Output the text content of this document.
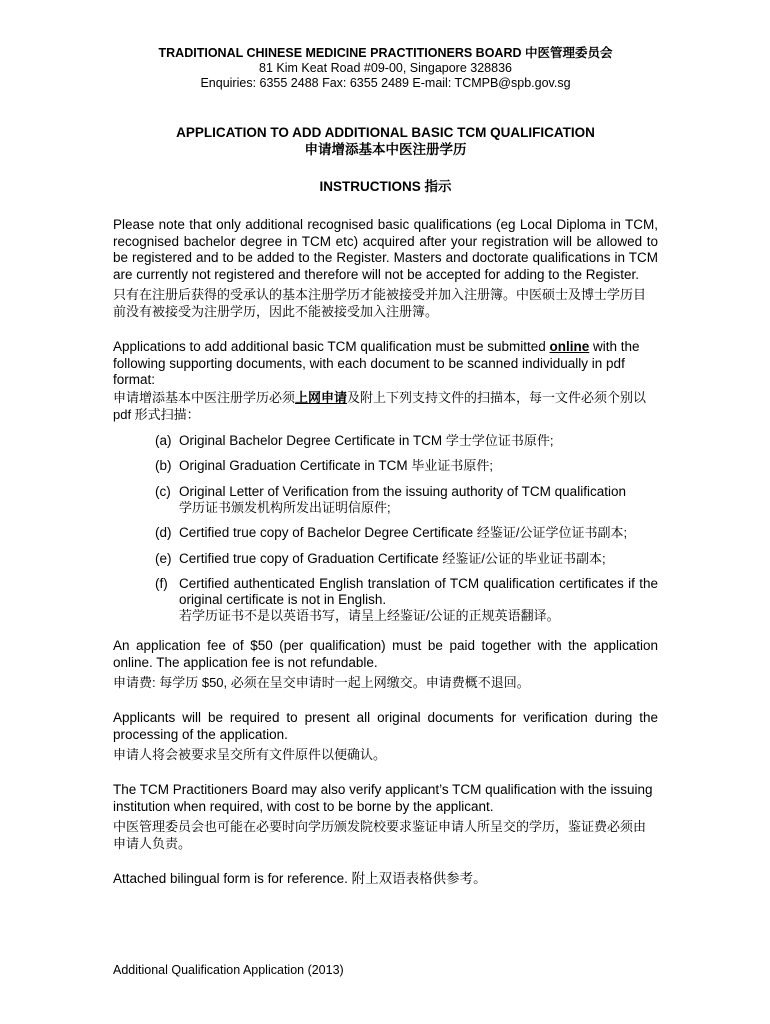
TRADITIONAL CHINESE MEDICINE PRACTITIONERS BOARD 中医管理委员会
81 Kim Keat Road #09-00, Singapore 328836
Enquiries: 6355 2488 Fax: 6355 2489 E-mail: TCMPB@spb.gov.sg
APPLICATION TO ADD ADDITIONAL BASIC TCM QUALIFICATION
申请增添基本中医注册学历
INSTRUCTIONS 指示

Please note that only additional recognised basic qualifications (eg Local Diploma in TCM, recognised bachelor degree in TCM etc) acquired after your registration will be allowed to be registered and to be added to the Register. Masters and doctorate qualifications in TCM are currently not registered and therefore will not be accepted for adding to the Register.

只有在注册后获得的受承认的基本注册学历才能被接受并加入注册簿。中医硕士及博士学历目前没有被接受为注册学历，因此不能被接受加入注册簿。

Applications to add additional basic TCM qualification must be submitted online with the following supporting documents, with each document to be scanned individually in pdf format:

申请增添基本中医注册学历必须上网申请及附上下列支持文件的扫描本，每一文件必须个别以pdf 形式扫描：

(a) Original Bachelor Degree Certificate in TCM 学士学位证书原件;
(b) Original Graduation Certificate in TCM 毕业证书原件;
(c) Original Letter of Verification from the issuing authority of TCM qualification
学历证书颁发机构所发出证明信原件;
(d) Certified true copy of Bachelor Degree Certificate 经鉴证/公证学位证书副本;
(e) Certified true copy of Graduation Certificate 经鉴证/公证的毕业证书副本;
(f) Certified authenticated English translation of TCM qualification certificates if the original certificate is not in English.
若学历证书不是以英语书写，请呈上经鉴证/公证的正规英语翻译。

An application fee of $50 (per qualification) must be paid together with the application online. The application fee is not refundable.

申请费: 每学历 $50, 必须在呈交申请时一起上网缴交。申请费概不退回。

Applicants will be required to present all original documents for verification during the processing of the application.

申请人将会被要求呈交所有文件原件以便确认。

The TCM Practitioners Board may also verify applicant’s TCM qualification with the issuing institution when required, with cost to be borne by the applicant.

中医管理委员会也可能在必要时向学历颁发院校要求鉴证申请人所呈交的学历，鉴证费必须由申请人负责。

Attached bilingual form is for reference. 附上双语表格供参考。

Additional Qualification Application (2013)
